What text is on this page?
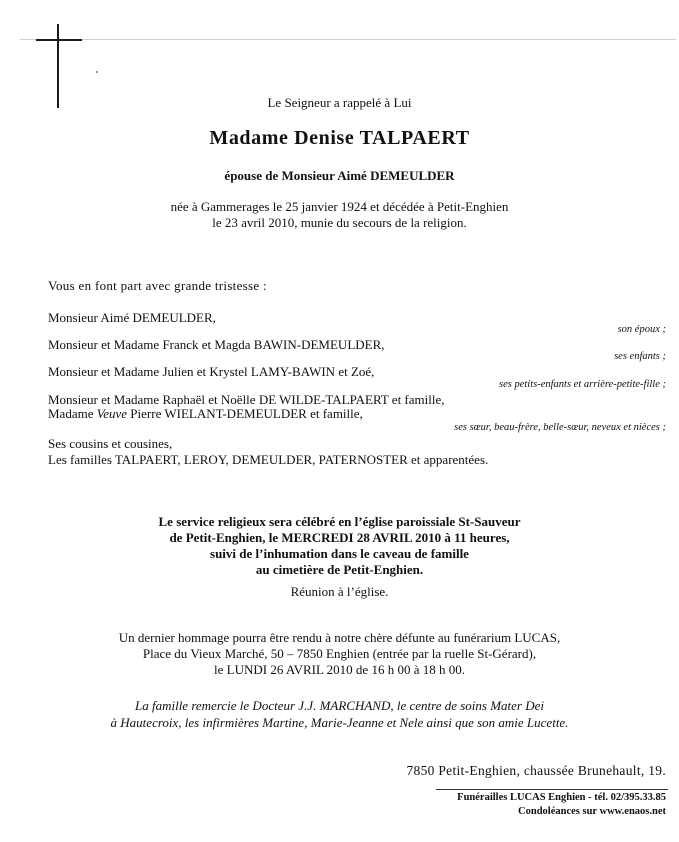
Le Seigneur a rappelé à Lui

Madame Denise TALPAERT

épouse de Monsieur Aimé DEMEULDER

née à Gammerages le 25 janvier 1924 et décédée à Petit-Enghien

le 23 avril 2010, munie du secours de la religion.

Vous en font part avec grande tristesse :

Monsieur Aimé DEMEULDER,

son époux ;

Monsieur et Madame Franck et Magda BAWIN-DEMEULDER,

ses enfants ;

Monsieur et Madame Julien et Krystel LAMY-BAWIN et Zoé,

ses petits-enfants et arrière-petite-fille ;

Monsieur et Madame Raphaël et Noëlle DE WILDE-TALPAERT et famille,

Madame Veuve Pierre WIELANT-DEMEULDER et famille,

ses sœur, beau-frère, belle-sœur, neveux et nièces ;

Ses cousins et cousines,

Les familles TALPAERT, LEROY, DEMEULDER, PATERNOSTER et apparentées.

Le service religieux sera célébré en l’église paroissiale St-Sauveur

de Petit-Enghien, le MERCREDI 28 AVRIL 2010 à 11 heures,

suivi de l’inhumation dans le caveau de famille

au cimetière de Petit-Enghien.

Réunion à l’église.

Un dernier hommage pourra être rendu à notre chère défunte au funérarium LUCAS,

Place du Vieux Marché, 50 – 7850 Enghien (entrée par la ruelle St-Gérard),

le LUNDI 26 AVRIL 2010 de 16 h 00 à 18 h 00.

La famille remercie le Docteur J.J. MARCHAND, le centre de soins Mater Dei

à Hautecroix, les infirmières Martine, Marie-Jeanne et Nele ainsi que son amie Lucette.

7850 Petit-Enghien, chaussée Brunehault, 19.

Funérailles LUCAS Enghien - tél. 02/395.33.85

Condoléances sur www.enaos.net
